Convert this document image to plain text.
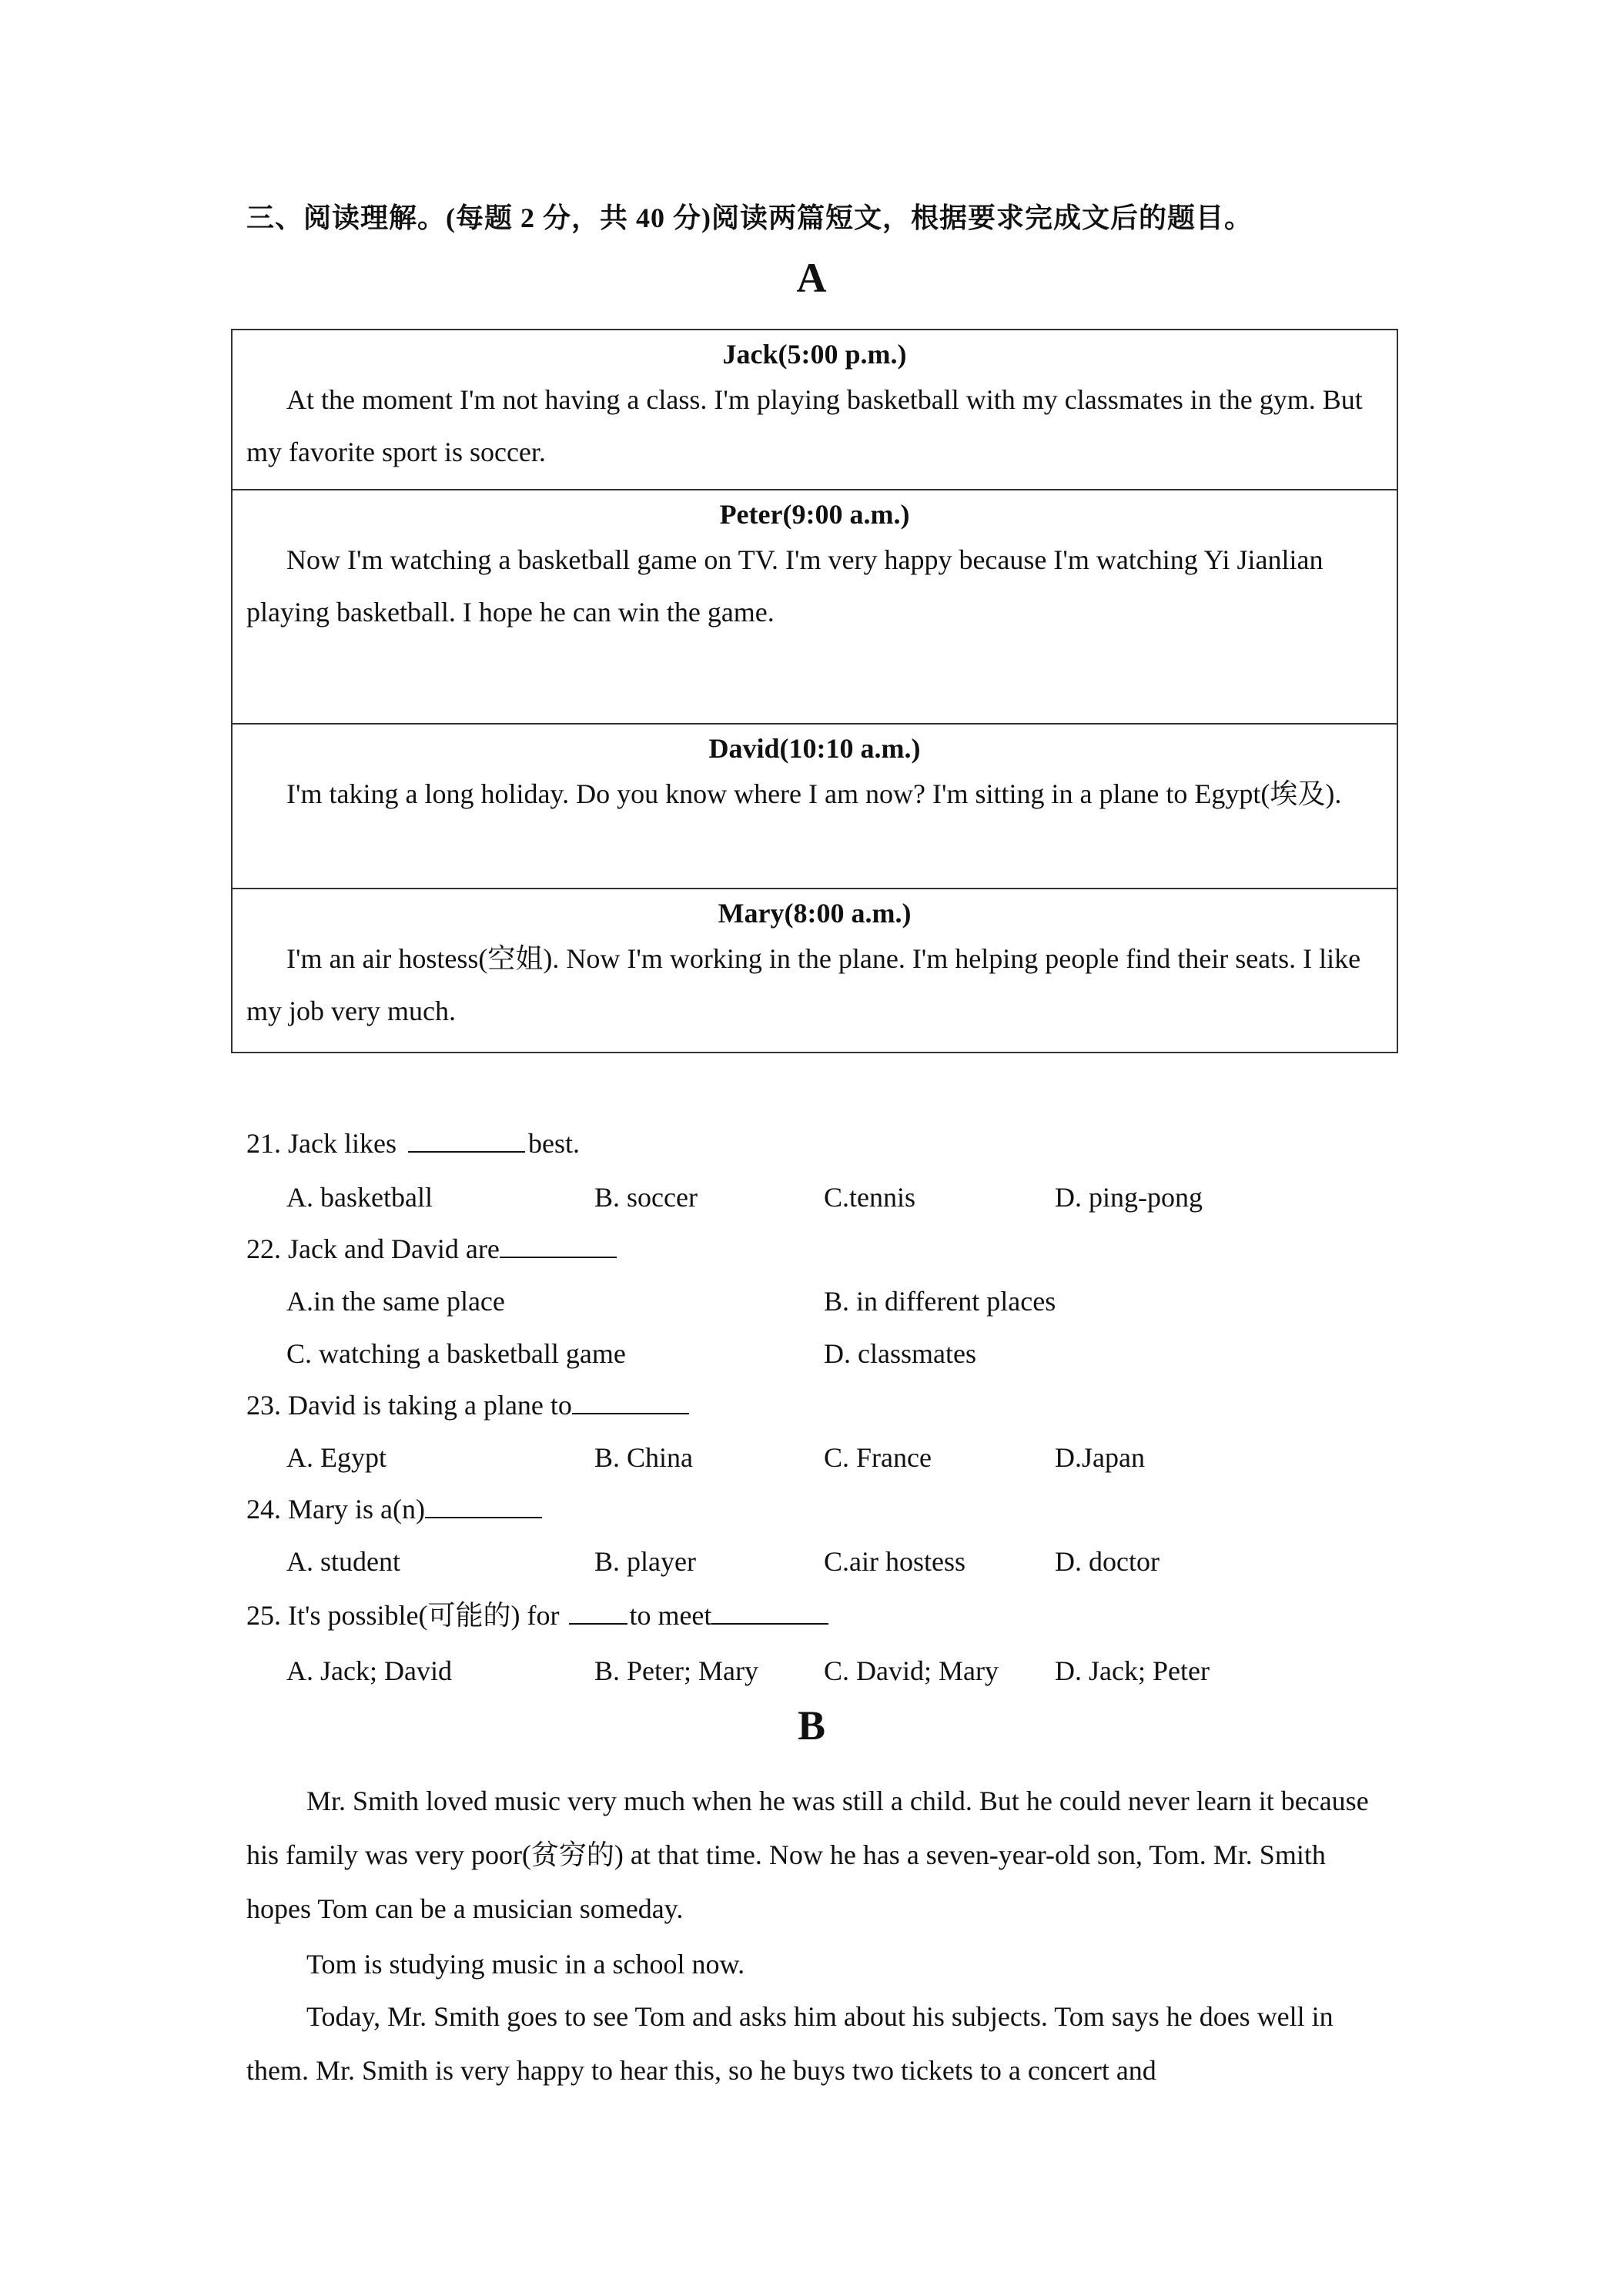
三、阅读理解。(每题 2 分，共 40 分)阅读两篇短文，根据要求完成文后的题目。
A
Jack(5:00 p.m.)
At the moment I'm not having a class. I'm playing basketball with my classmates in the gym. But my favorite sport is soccer.
Peter(9:00 a.m.)
Now I'm watching a basketball game on TV. I'm very happy because I'm watching Yi Jianlian playing basketball. I hope he can win the game.
David(10:10 a.m.)
I'm taking a long holiday. Do you know where I am now? I'm sitting in a plane to Egypt(埃及).
Mary(8:00 a.m.)
I'm an air hostess(空姐). Now I'm working in the plane. I'm helping people find their seats. I like my job very much.
21. Jack likes	best.
A. basketball	B. soccer	C.tennis	D. ping-pong
22. Jack and David are
A.in the same place	B. in different places
C. watching a basketball game	D. classmates
23. David is taking a plane to
A. Egypt	B. China	C. France	D.Japan
24. Mary is a(n)
A. student	B. player	C.air hostess	D. doctor
25. It's possible(可能的) for to meet
A. Jack; David	B. Peter; Mary C. David; Mary D. Jack; Peter
B
Mr. Smith loved music very much when he was still a child. But he could never learn it because his family was very poor(贫穷的) at that time. Now he has a seven-year-old son, Tom. Mr. Smith hopes Tom can be a musician someday.
Tom is studying music in a school now.
Today, Mr. Smith goes to see Tom and asks him about his subjects. Tom says he does well in them. Mr. Smith is very happy to hear this, so he buys two tickets to a concert and
